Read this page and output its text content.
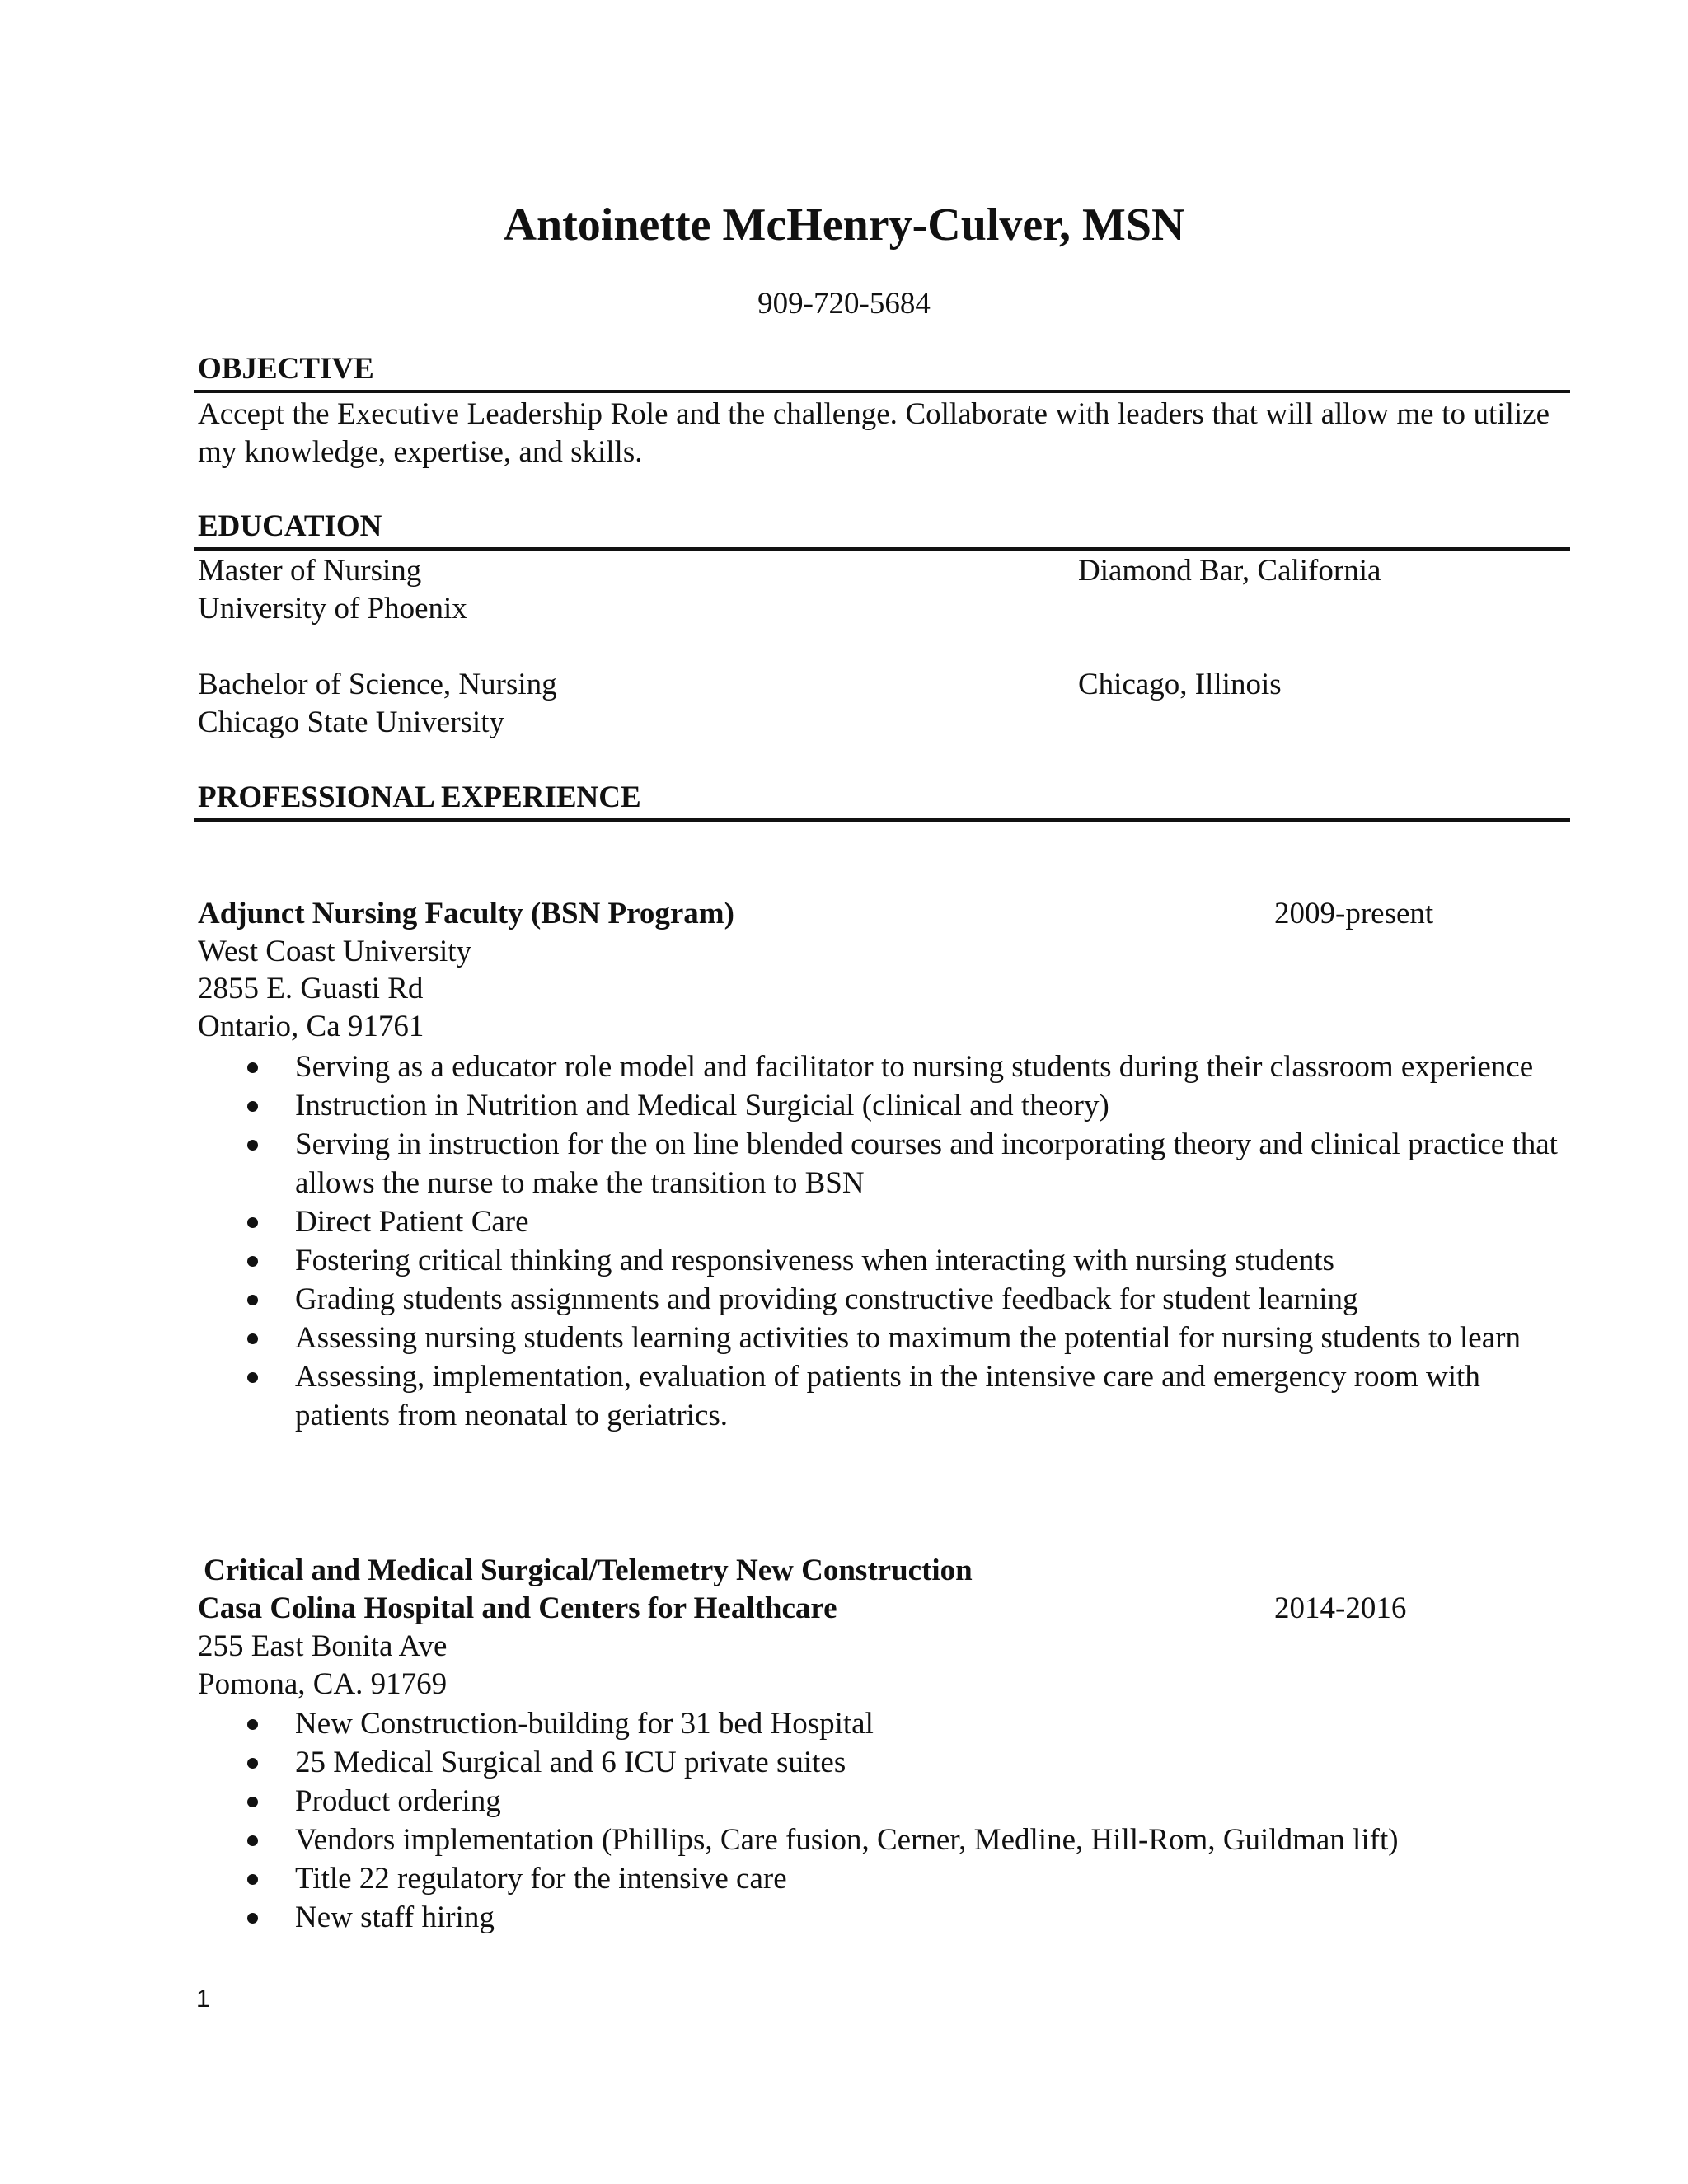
Antoinette McHenry-Culver, MSN
909-720-5684
OBJECTIVE
Accept the Executive Leadership Role and the challenge. Collaborate with leaders that will allow me to utilize my knowledge, expertise, and skills.
EDUCATION
Master of Nursing	Diamond Bar, California
University of Phoenix
Bachelor of Science, Nursing	Chicago, Illinois
Chicago State University
PROFESSIONAL EXPERIENCE
Adjunct Nursing Faculty (BSN Program)	2009-present
West Coast University
2855 E. Guasti Rd
Ontario, Ca 91761
Serving as a educator role model and facilitator to nursing students during their classroom experience
Instruction in Nutrition and Medical Surgicial (clinical and theory)
Serving in instruction for the on line blended courses and incorporating theory and clinical practice that allows the nurse to make the transition to BSN
Direct Patient Care
Fostering critical thinking and responsiveness when interacting with nursing students
Grading students assignments and providing constructive feedback for student learning
Assessing nursing students learning activities to maximum the potential for nursing students to learn
Assessing, implementation, evaluation of patients in the intensive care and emergency room with patients from neonatal to geriatrics.
Critical and Medical Surgical/Telemetry New Construction
Casa Colina Hospital and Centers for Healthcare	2014-2016
255 East Bonita Ave
Pomona, CA. 91769
New Construction-building for 31 bed Hospital
25 Medical Surgical and 6 ICU private suites
Product ordering
Vendors implementation (Phillips, Care fusion, Cerner, Medline, Hill-Rom, Guildman lift)
Title 22 regulatory for the intensive care
New staff hiring
1
